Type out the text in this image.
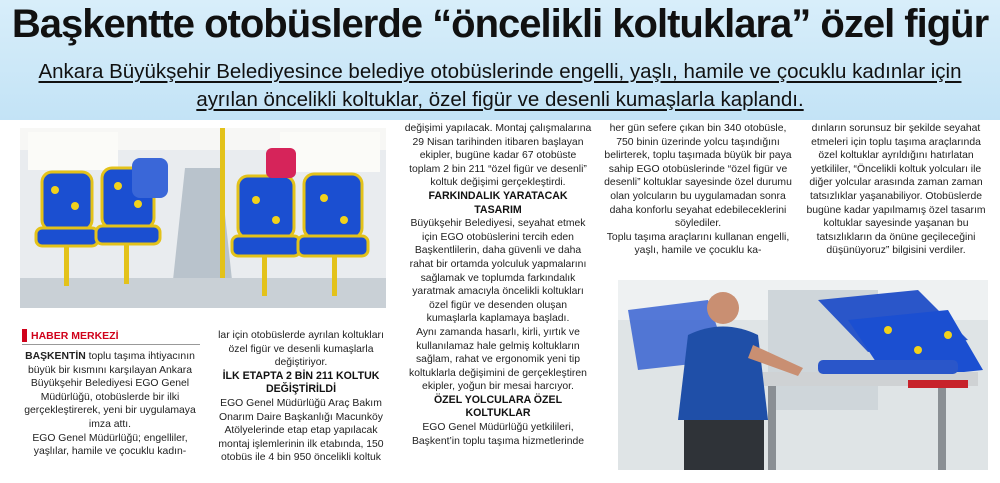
Başkentte otobüslerde “öncelikli koltuklara” özel figür

Ankara Büyükşehir Belediyesince belediye otobüslerinde engelli, yaşlı, hamile ve çocuklu kadınlar için ayrılan öncelikli koltuklar, özel figür ve desenli kumaşlarla kaplandı.

HABER MERKEZİ

BAŞKENTİN toplu taşıma ihtiyacının büyük bir kısmını karşılayan Ankara Büyükşehir Belediyesi EGO Genel Müdürlüğü, otobüslerde bir ilki gerçekleştirerek, yeni bir uygulamaya imza attı.

EGO Genel Müdürlüğü; engelliler, yaşlılar, hamile ve çocuklu kadın-

lar için otobüslerde ayrılan koltukları özel figür ve desenli kumaşlarla değiştiriyor.

İLK ETAPTA 2 BİN 211 KOLTUK DEĞİŞTİRİLDİ

EGO Genel Müdürlüğü Araç Bakım Onarım Daire Başkanlığı Macunköy Atölyelerinde etap etap yapılacak montaj işlemlerinin ilk etabında, 150 otobüs ile 4 bin 950 öncelikli koltuk

değişimi yapılacak. Montaj çalışmalarına 29 Nisan tarihinden itibaren başlayan ekipler, bugüne kadar 67 otobüste toplam 2 bin 211 “özel figür ve desenli” koltuk değişimi gerçekleştirdi.

FARKINDALIK YARATACAK TASARIM

Büyükşehir Belediyesi, seyahat etmek için EGO otobüslerini tercih eden Başkentlilerin, daha güvenli ve daha rahat bir ortamda yolculuk yapmalarını sağlamak ve toplumda farkındalık yaratmak amacıyla öncelikli koltukları özel figür ve desenden oluşan kumaşlarla kaplamaya başladı.

Aynı zamanda hasarlı, kirli, yırtık ve kullanılamaz hale gelmiş koltukların sağlam, rahat ve ergonomik yeni tip koltuklarla değişimini de gerçekleştiren ekipler, yoğun bir mesai harcıyor.

ÖZEL YOLCULARA ÖZEL KOLTUKLAR

EGO Genel Müdürlüğü yetkilileri, Başkent’in toplu taşıma hizmetlerinde

her gün sefere çıkan bin 340 otobüsle, 750 binin üzerinde yolcu taşındığını belirterek, toplu taşımada büyük bir paya sahip EGO otobüslerinde “özel figür ve desenli” koltuklar sayesinde özel durumu olan yolcuların bu uygulamadan sonra daha konforlu seyahat edebileceklerini söylediler.

Toplu taşıma araçlarını kullanan engelli, yaşlı, hamile ve çocuklu ka-

dınların sorunsuz bir şekilde seyahat etmeleri için toplu taşıma araçlarında özel koltuklar ayrıldığını hatırlatan yetkililer, “Öncelikli koltuk yolcuları ile diğer yolcular arasında zaman zaman tatsızlıklar yaşanabiliyor. Otobüslerde bugüne kadar yapılmamış özel tasarım koltuklar sayesinde yaşanan bu tatsızlıkların da önüne geçileceğini düşünüyoruz” bilgisini verdiler.
